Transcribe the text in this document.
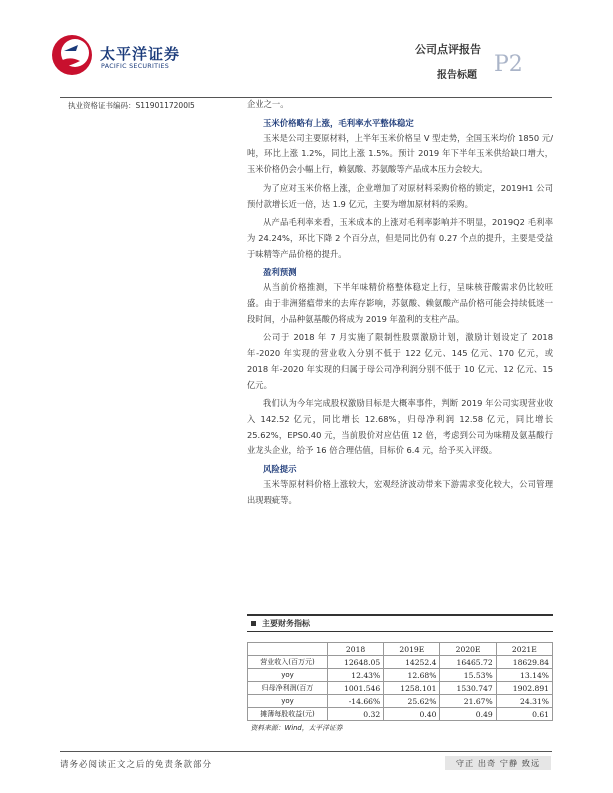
太平洋证券
PACIFIC SECURITIES
公司点评报告
P2
报告标题
执业资格证书编码：S1190117200l5	企业之一。

玉米价格略有上涨，毛利率水平整体稳定

玉米是公司主要原材料，上半年玉米价格呈 V 型走势，全国玉米均价 1850 元/吨，环比上涨 1.2%，同比上涨 1.5%。预计 2019 年下半年玉米供给缺口增大，玉米价格仍会小幅上行，赖氨酸、苏氨酸等产品成本压力会较大。

为了应对玉米价格上涨，企业增加了对原材料采购价格的锁定，2019H1 公司预付款增长近一倍，达 1.9 亿元，主要为增加原材料的采购。

从产品毛利率来看，玉米成本的上涨对毛利率影响并不明显，2019Q2 毛利率为 24.24%，环比下降 2 个百分点，但是同比仍有 0.27 个点的提升，主要是受益于味精等产品价格的提升。

盈利预测

从当前价格推测，下半年味精价格整体稳定上行，呈味核苷酸需求仍比较旺盛。由于非洲猪瘟带来的去库存影响，苏氨酸、赖氨酸产品价格可能会持续低迷一段时间，小品种氨基酸仍将成为 2019 年盈利的支柱产品。

公司于 2018 年 7 月实施了限制性股票激励计划，激励计划设定了 2018 年-2020 年实现的营业收入分别不低于 122 亿元、145 亿元、170 亿元，或 2018 年-2020 年实现的归属于母公司净利润分别不低于 10 亿元、12 亿元、15 亿元。

我们认为今年完成股权激励目标是大概率事件，判断 2019 年公司实现营业收入 142.52 亿元，同比增长 12.68%，归母净利润 12.58 亿元，同比增长 25.62%，EPS0.40 元，当前股价对应估值 12 倍，考虑到公司为味精及氨基酸行业龙头企业，给予 16 倍合理估值，目标价 6.4 元，给予买入评级。

风险提示

玉米等原材料价格上涨较大，宏观经济波动带来下游需求变化较大，公司管理出现瑕疵等。

主要财务指标
	2018	2019E	2020E	2021E
营业收入(百万元)	12648.05	14252.4	16465.72	18629.84
yoy	12.43%	12.68%	15.53%	13.14%
归母净利润(百万	1001.546	1258.101	1530.747	1902.891
yoy	-14.66%	25.62%	21.67%	24.31%
摊薄每股收益(元)	0.32	0.40	0.49	0.61
资料来源：Wind，太平洋证券				
请务必阅读正文之后的免责条款部分	守正 出奇 宁静 致远
